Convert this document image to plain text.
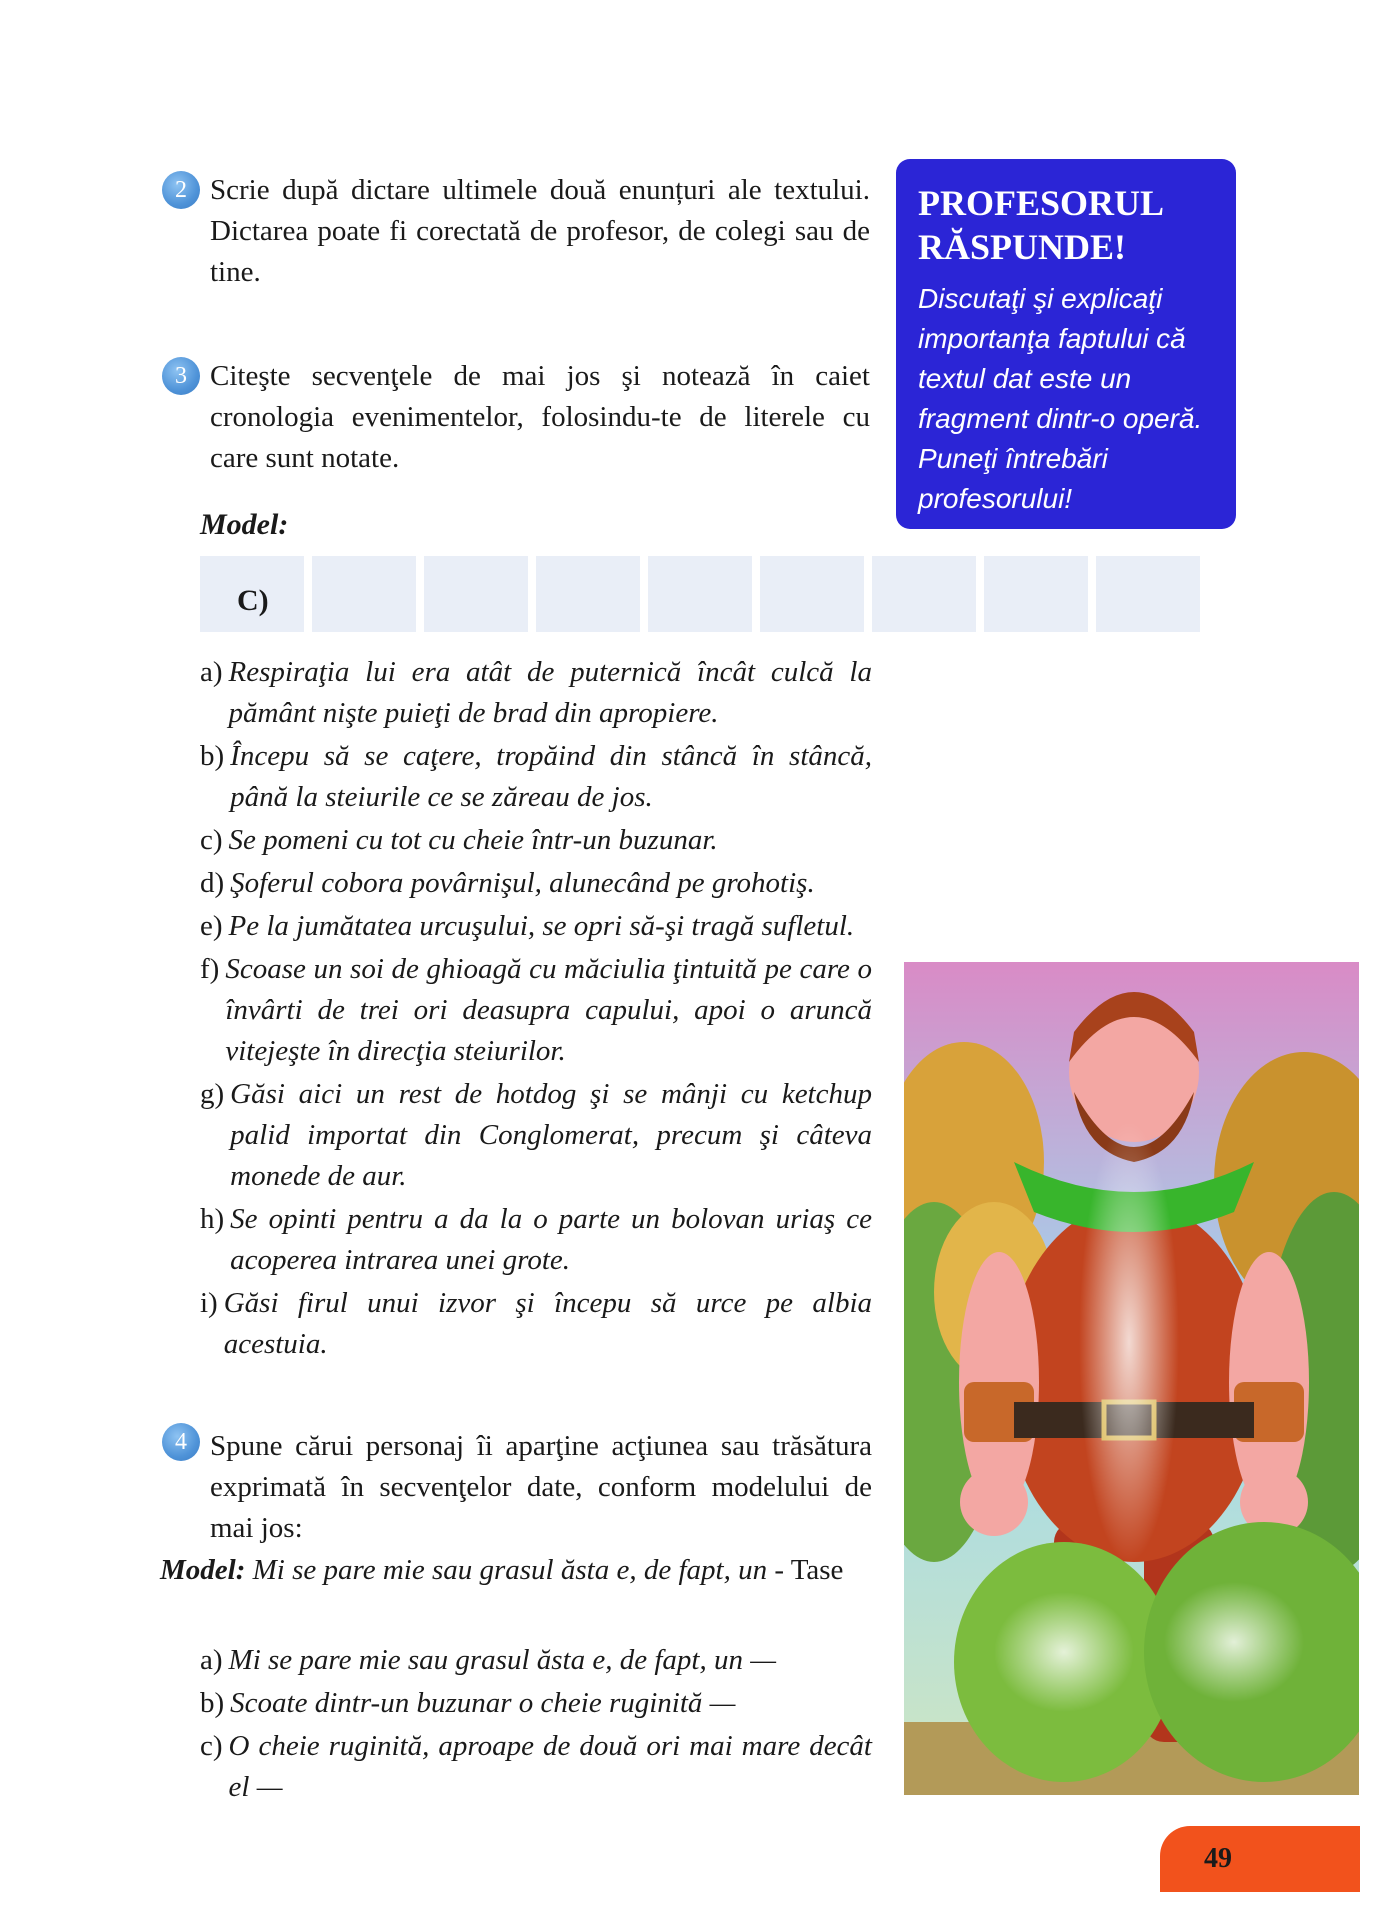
2 Scrie după dictare ultimele două enunțuri ale textului. Dictarea poate fi corectată de profesor, de colegi sau de tine.
3 Citeşte secvenţele de mai jos şi notează în caiet cronologia evenimentelor, folosindu-te de literele cu care sunt notate.
Model:
C)
a) Respiraţia lui era atât de puternică încât culcă la pământ nişte puieţi de brad din apropiere.
b) Începu să se caţere, tropăind din stâncă în stâncă, până la steiurile ce se zăreau de jos.
c) Se pomeni cu tot cu cheie într-un buzunar.
d) Şoferul cobora povârnişul, alunecând pe grohotiş.
e) Pe la jumătatea urcuşului, se opri să-şi tragă sufletul.
f) Scoase un soi de ghioagă cu măciulia ţintuită pe care o învârti de trei ori deasupra capului, apoi o aruncă vitejeşte în direcţia steiurilor.
g) Găsi aici un rest de hotdog şi se mânji cu ketchup palid importat din Conglomerat, precum şi câteva monede de aur.
h) Se opinti pentru a da la o parte un bolovan uriaş ce acoperea intrarea unei grote.
i) Găsi firul unui izvor şi începu să urce pe albia acestuia.
4 Spune cărui personaj îi aparţine acţiunea sau trăsătura exprimată în secvenţelor date, conform modelului de mai jos:
Model: Mi se pare mie sau grasul ăsta e, de fapt, un - Tase
a) Mi se pare mie sau grasul ăsta e, de fapt, un —
b) Scoate dintr-un buzunar o cheie ruginită —
c) O cheie ruginită, aproape de două ori mai mare decât el —
PROFESORUL RĂSPUNDE!

Discutaţi şi explicaţi importanţa faptului că textul dat este un fragment dintr-o operă. Puneţi întrebări profesorului!

49
